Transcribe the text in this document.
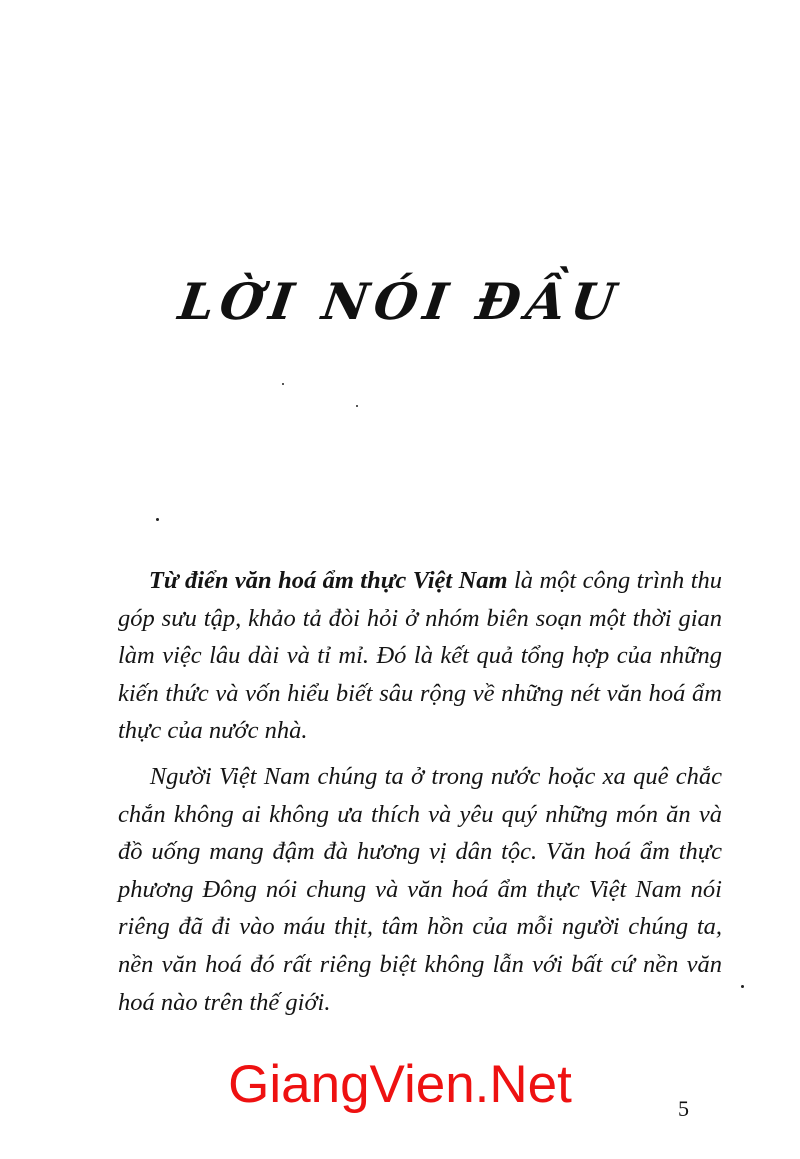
LỜI NÓI ĐẦU

  Từ điển văn hoá ẩm thực Việt Nam là một công trình thu góp sưu tập, khảo tả đòi hỏi ở nhóm biên soạn một thời gian làm việc lâu dài và tỉ mỉ. Đó là kết quả tổng hợp của những kiến thức và vốn hiểu biết sâu rộng về những nét văn hoá ẩm thực của nước nhà.

  Người Việt Nam chúng ta ở trong nước hoặc xa quê chắc chắn không ai không ưa thích và yêu quý những món ăn và đồ uống mang đậm đà hương vị dân tộc. Văn hoá ẩm thực phương Đông nói chung và văn hoá ẩm thực Việt Nam nói riêng đã đi vào máu thịt, tâm hồn của mỗi người chúng ta, nền văn hoá đó rất riêng biệt không lẫn với bất cứ nền văn hoá nào trên thế giới.

GiangVien.Net	5
